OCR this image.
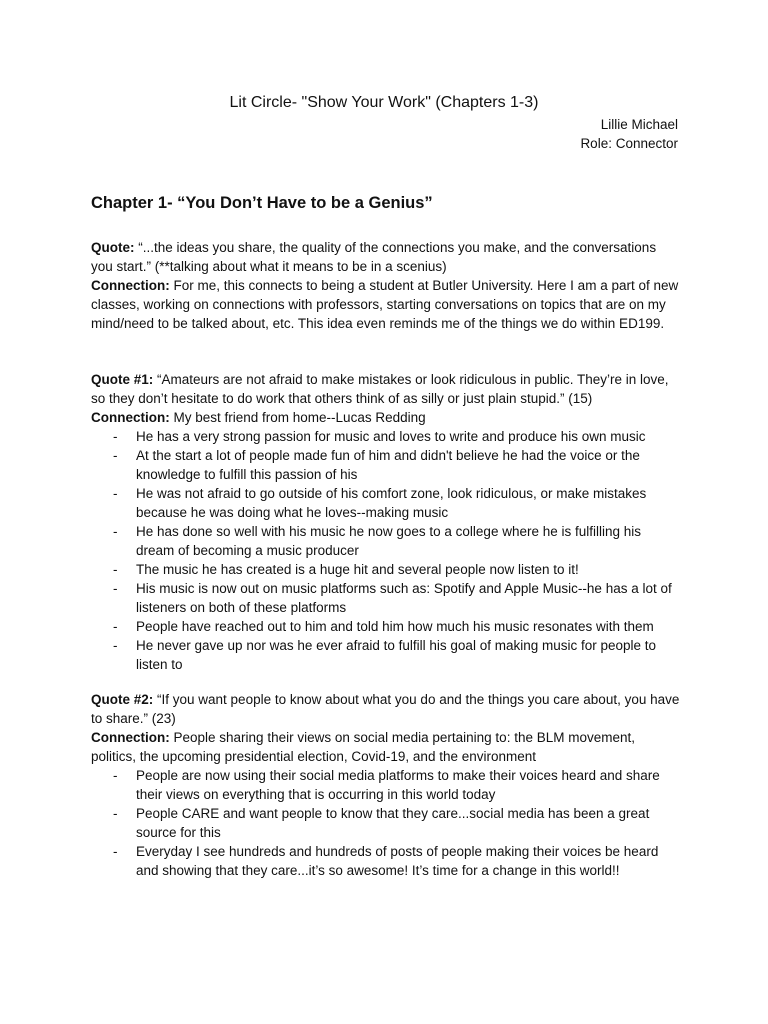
Lit Circle- "Show Your Work" (Chapters 1-3)
Lillie Michael
Role: Connector
Chapter 1- “You Don’t Have to be a Genius”

Quote: “...the ideas you share, the quality of the connections you make, and the conversations you start.” (**talking about what it means to be in a scenius)

Connection: For me, this connects to being a student at Butler University. Here I am a part of new classes, working on connections with professors, starting conversations on topics that are on my mind/need to be talked about, etc. This idea even reminds me of the things we do within ED199.

Quote #1: “Amateurs are not afraid to make mistakes or look ridiculous in public. They’re in love, so they don’t hesitate to do work that others think of as silly or just plain stupid.” (15)

Connection: My best friend from home--Lucas Redding

- He has a very strong passion for music and loves to write and produce his own music
- At the start a lot of people made fun of him and didn't believe he had the voice or the knowledge to fulfill this passion of his
- He was not afraid to go outside of his comfort zone, look ridiculous, or make mistakes because he was doing what he loves--making music
- He has done so well with his music he now goes to a college where he is fulfilling his dream of becoming a music producer
- The music he has created is a huge hit and several people now listen to it!
- His music is now out on music platforms such as: Spotify and Apple Music--he has a lot of listeners on both of these platforms
- People have reached out to him and told him how much his music resonates with them
- He never gave up nor was he ever afraid to fulfill his goal of making music for people to listen to

Quote #2: “If you want people to know about what you do and the things you care about, you have to share.” (23)

Connection: People sharing their views on social media pertaining to: the BLM movement, politics, the upcoming presidential election, Covid-19, and the environment

- People are now using their social media platforms to make their voices heard and share their views on everything that is occurring in this world today
- People CARE and want people to know that they care...social media has been a great source for this
- Everyday I see hundreds and hundreds of posts of people making their voices be heard and showing that they care...it’s so awesome! It’s time for a change in this world!!
